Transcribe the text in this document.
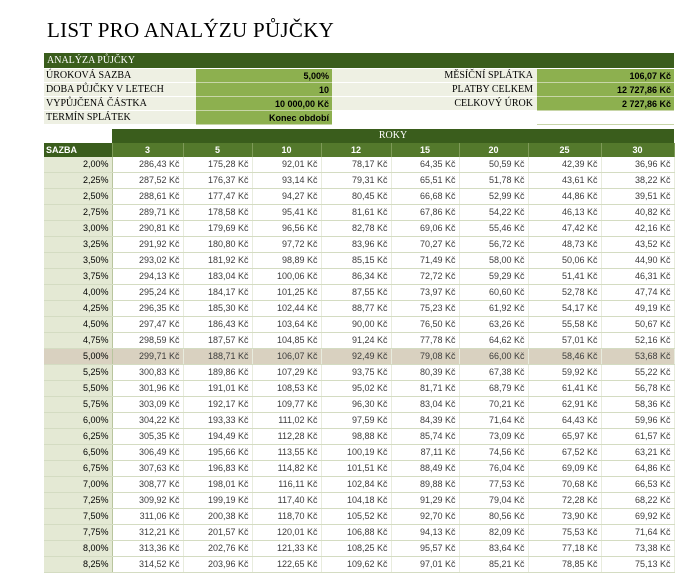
LIST PRO ANALÝZU PŮJČKY
ANALÝZA PŮJČKY
ÚROKOVÁ SAZBA	5,00%
DOBA PŮJČKY V LETECH	10
VYPŮJČENÁ ČÁSTKA	10 000,00 Kč
TERMÍN SPLÁTEK	Konec období
MĚSÍČNÍ SPLÁTKA	106,07 Kč
PLATBY CELKEM	12 727,86 Kč
CELKOVÝ ÚROK	2 727,86 Kč
ROKY
SAZBA	3	5	10	12	15	20	25	30
2,00%	286,43 Kč	175,28 Kč	92,01 Kč	78,17 Kč	64,35 Kč	50,59 Kč	42,39 Kč	36,96 Kč
2,25%	287,52 Kč	176,37 Kč	93,14 Kč	79,31 Kč	65,51 Kč	51,78 Kč	43,61 Kč	38,22 Kč
2,50%	288,61 Kč	177,47 Kč	94,27 Kč	80,45 Kč	66,68 Kč	52,99 Kč	44,86 Kč	39,51 Kč
2,75%	289,71 Kč	178,58 Kč	95,41 Kč	81,61 Kč	67,86 Kč	54,22 Kč	46,13 Kč	40,82 Kč
3,00%	290,81 Kč	179,69 Kč	96,56 Kč	82,78 Kč	69,06 Kč	55,46 Kč	47,42 Kč	42,16 Kč
3,25%	291,92 Kč	180,80 Kč	97,72 Kč	83,96 Kč	70,27 Kč	56,72 Kč	48,73 Kč	43,52 Kč
3,50%	293,02 Kč	181,92 Kč	98,89 Kč	85,15 Kč	71,49 Kč	58,00 Kč	50,06 Kč	44,90 Kč
3,75%	294,13 Kč	183,04 Kč	100,06 Kč	86,34 Kč	72,72 Kč	59,29 Kč	51,41 Kč	46,31 Kč
4,00%	295,24 Kč	184,17 Kč	101,25 Kč	87,55 Kč	73,97 Kč	60,60 Kč	52,78 Kč	47,74 Kč
4,25%	296,35 Kč	185,30 Kč	102,44 Kč	88,77 Kč	75,23 Kč	61,92 Kč	54,17 Kč	49,19 Kč
4,50%	297,47 Kč	186,43 Kč	103,64 Kč	90,00 Kč	76,50 Kč	63,26 Kč	55,58 Kč	50,67 Kč
4,75%	298,59 Kč	187,57 Kč	104,85 Kč	91,24 Kč	77,78 Kč	64,62 Kč	57,01 Kč	52,16 Kč
5,00%	299,71 Kč	188,71 Kč	106,07 Kč	92,49 Kč	79,08 Kč	66,00 Kč	58,46 Kč	53,68 Kč
5,25%	300,83 Kč	189,86 Kč	107,29 Kč	93,75 Kč	80,39 Kč	67,38 Kč	59,92 Kč	55,22 Kč
5,50%	301,96 Kč	191,01 Kč	108,53 Kč	95,02 Kč	81,71 Kč	68,79 Kč	61,41 Kč	56,78 Kč
5,75%	303,09 Kč	192,17 Kč	109,77 Kč	96,30 Kč	83,04 Kč	70,21 Kč	62,91 Kč	58,36 Kč
6,00%	304,22 Kč	193,33 Kč	111,02 Kč	97,59 Kč	84,39 Kč	71,64 Kč	64,43 Kč	59,96 Kč
6,25%	305,35 Kč	194,49 Kč	112,28 Kč	98,88 Kč	85,74 Kč	73,09 Kč	65,97 Kč	61,57 Kč
6,50%	306,49 Kč	195,66 Kč	113,55 Kč	100,19 Kč	87,11 Kč	74,56 Kč	67,52 Kč	63,21 Kč
6,75%	307,63 Kč	196,83 Kč	114,82 Kč	101,51 Kč	88,49 Kč	76,04 Kč	69,09 Kč	64,86 Kč
7,00%	308,77 Kč	198,01 Kč	116,11 Kč	102,84 Kč	89,88 Kč	77,53 Kč	70,68 Kč	66,53 Kč
7,25%	309,92 Kč	199,19 Kč	117,40 Kč	104,18 Kč	91,29 Kč	79,04 Kč	72,28 Kč	68,22 Kč
7,50%	311,06 Kč	200,38 Kč	118,70 Kč	105,52 Kč	92,70 Kč	80,56 Kč	73,90 Kč	69,92 Kč
7,75%	312,21 Kč	201,57 Kč	120,01 Kč	106,88 Kč	94,13 Kč	82,09 Kč	75,53 Kč	71,64 Kč
8,00%	313,36 Kč	202,76 Kč	121,33 Kč	108,25 Kč	95,57 Kč	83,64 Kč	77,18 Kč	73,38 Kč
8,25%	314,52 Kč	203,96 Kč	122,65 Kč	109,62 Kč	97,01 Kč	85,21 Kč	78,85 Kč	75,13 Kč
